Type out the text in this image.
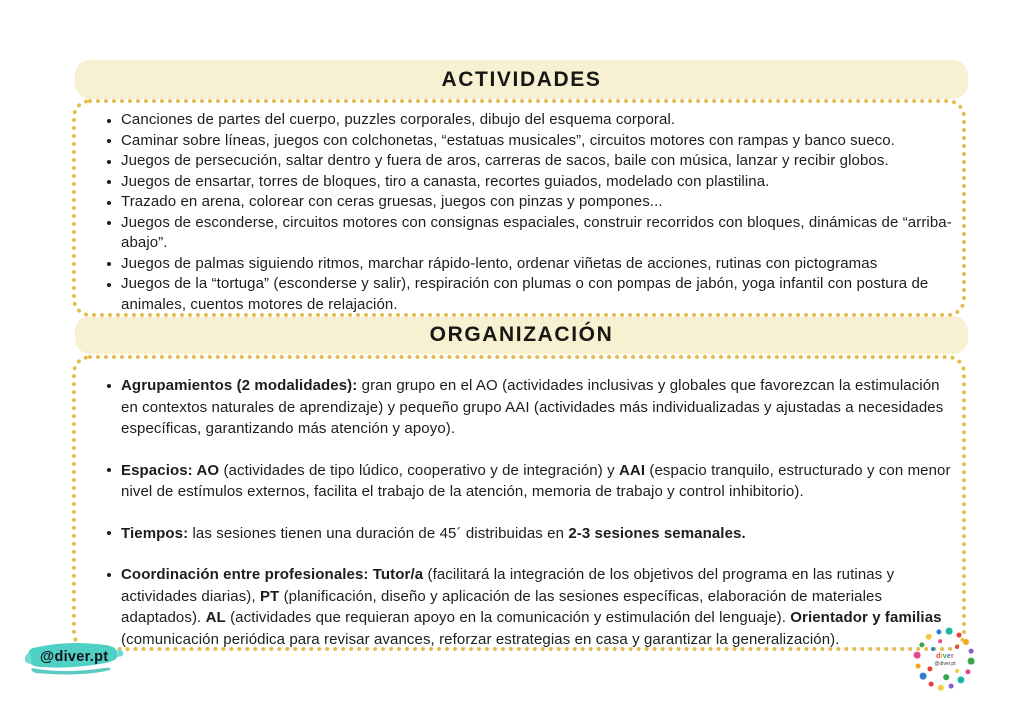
ACTIVIDADES
Canciones de partes del cuerpo, puzzles corporales, dibujo del esquema corporal.
Caminar sobre líneas, juegos con colchonetas, “estatuas musicales”, circuitos motores con rampas y banco sueco.
Juegos de persecución, saltar dentro y fuera de aros, carreras de sacos, baile con música, lanzar y recibir globos.
Juegos de ensartar, torres de bloques, tiro a canasta, recortes guiados, modelado con plastilina.
Trazado en arena, colorear con ceras gruesas, juegos con pinzas y pompones...
Juegos de esconderse, circuitos motores con consignas espaciales, construir recorridos con bloques, dinámicas de “arriba-abajo”.
Juegos de palmas siguiendo ritmos, marchar rápido-lento, ordenar viñetas de acciones, rutinas con pictogramas
Juegos de la “tortuga” (esconderse y salir), respiración con plumas o con pompas de jabón, yoga infantil con postura de animales, cuentos motores de relajación.
ORGANIZACIÓN
Agrupamientos (2 modalidades): gran grupo en el AO (actividades inclusivas y globales que favorezcan la estimulación en contextos naturales de aprendizaje) y pequeño grupo AAI (actividades más individualizadas y ajustadas a necesidades específicas, garantizando más atención y apoyo).
Espacios: AO (actividades de tipo lúdico, cooperativo y de integración) y AAI (espacio tranquilo, estructurado y con menor nivel de estímulos externos, facilita el trabajo de la atención, memoria de trabajo y control inhibitorio).
Tiempos: las sesiones tienen una duración de 45´ distribuidas en 2-3 sesiones semanales.
Coordinación entre profesionales: Tutor/a (facilitará la integración de los objetivos del programa en las rutinas y actividades diarias), PT (planificación, diseño y aplicación de las sesiones específicas, elaboración de materiales adaptados). AL (actividades que requieran apoyo en la comunicación y estimulación del lenguaje). Orientador y familias (comunicación periódica para revisar avances, reforzar estrategias en casa y garantizar la generalización).
@diver.pt	diver
@diver.pt
